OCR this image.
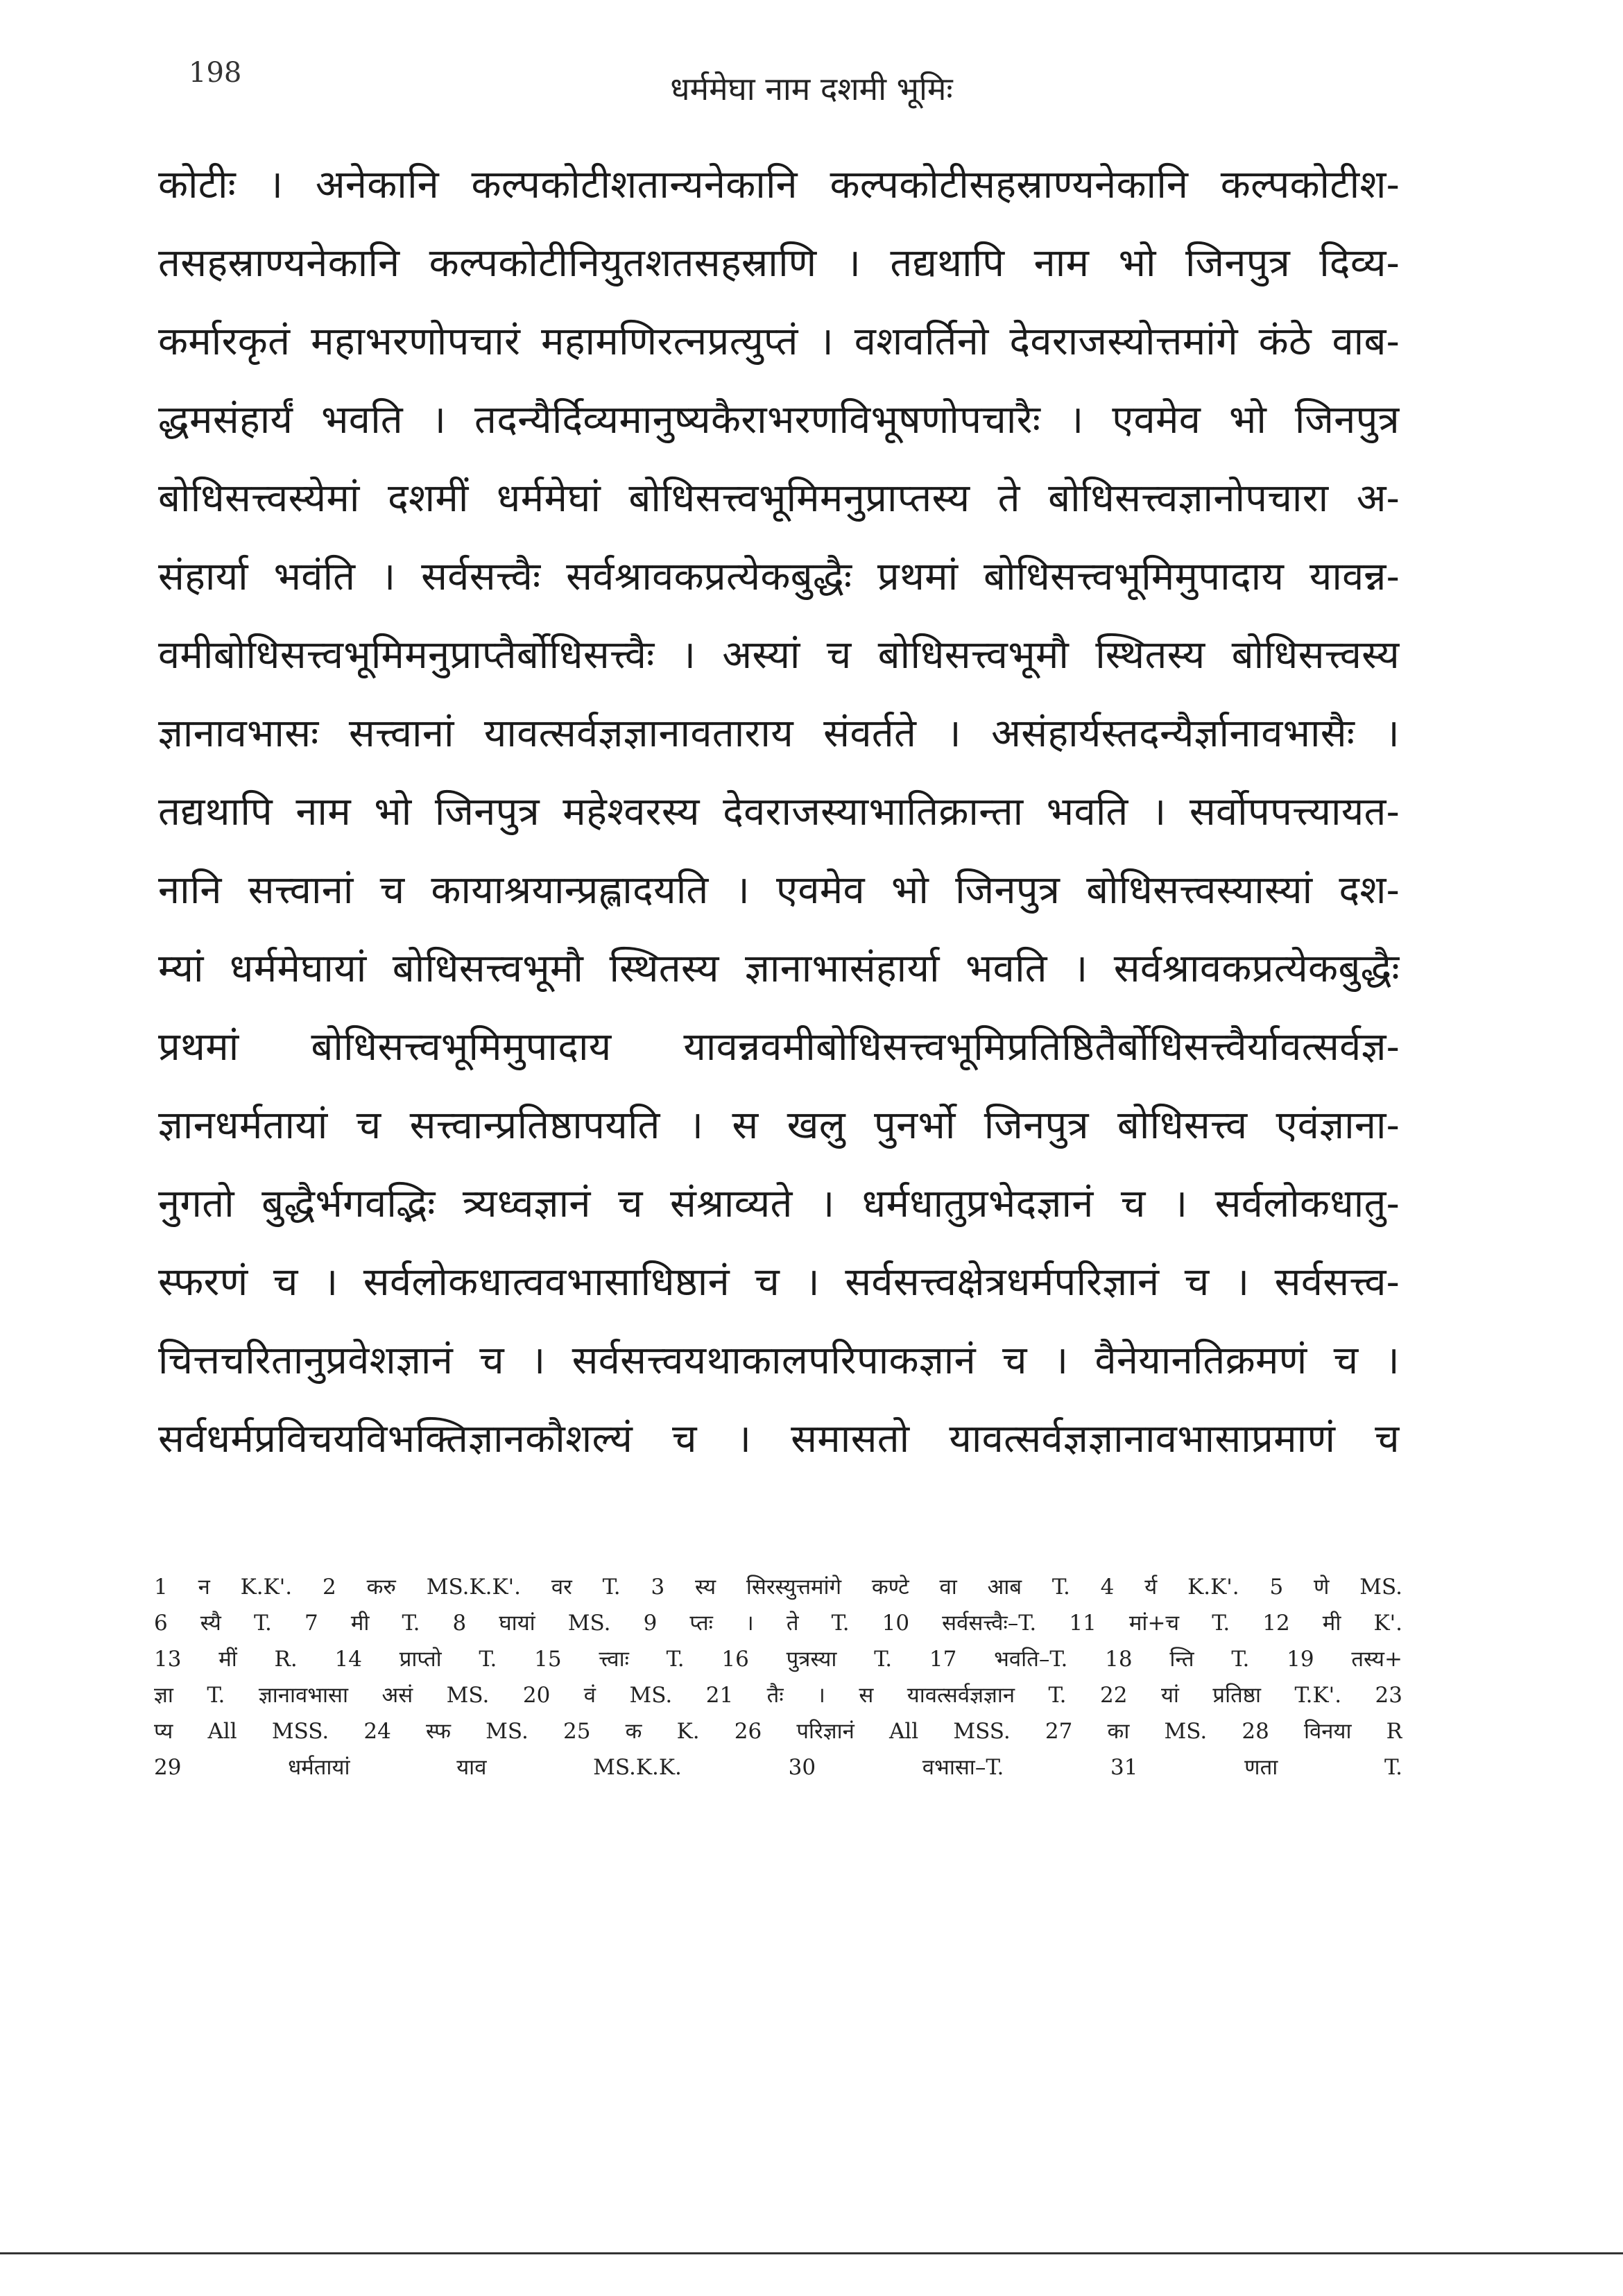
198	धर्ममेघा नाम दशमी भूमिः
कोटीः । अनेकानि कल्पकोटीशतान्यनेकानि कल्पकोटीसहस्राण्यनेकानि कल्पकोटीश-
तसहस्राण्यनेकानि कल्पकोटीनियुतशतसहस्राणि । तद्यथापि नाम भो जिनपुत्र दिव्य-
कर्मारकृतं महाभरणोपचारं महामणिरत्नप्रत्युप्तं । वशवर्तिनो देवराजस्योत्तमांगे कंठे वाब-
द्धमसंहार्यं भवति । तदन्यैर्दिव्यमानुष्यकैराभरणविभूषणोपचारैः । एवमेव भो जिनपुत्र
बोधिसत्त्वस्येमां दशमीं धर्ममेघां बोधिसत्त्वभूमिमनुप्राप्तस्य ते बोधिसत्त्वज्ञानोपचारा अ-
संहार्या भवंति । सर्वसत्त्वैः सर्वश्रावकप्रत्येकबुद्धैः प्रथमां बोधिसत्त्वभूमिमुपादाय यावन्न-
वमीबोधिसत्त्वभूमिमनुप्राप्तैर्बोधिसत्त्वैः । अस्यां च बोधिसत्त्वभूमौ स्थितस्य बोधिसत्त्वस्य
ज्ञानावभासः सत्त्वानां यावत्सर्वज्ञज्ञानावताराय संवर्तते । असंहार्यस्तदन्यैर्ज्ञानावभासैः ।
तद्यथापि नाम भो जिनपुत्र महेश्वरस्य देवराजस्याभातिक्रान्ता भवति । सर्वोपपत्त्यायत-
नानि सत्त्वानां च कायाश्रयान्प्रह्लादयति । एवमेव भो जिनपुत्र बोधिसत्त्वस्यास्यां दश-
म्यां धर्ममेघायां बोधिसत्त्वभूमौ स्थितस्य ज्ञानाभासंहार्या भवति । सर्वश्रावकप्रत्येकबुद्धैः
प्रथमां बोधिसत्त्वभूमिमुपादाय यावन्नवमीबोधिसत्त्वभूमिप्रतिष्ठितैर्बोधिसत्त्वैर्यावत्सर्वज्ञ-
ज्ञानधर्मतायां च सत्त्वान्प्रतिष्ठापयति । स खलु पुनर्भो जिनपुत्र बोधिसत्त्व एवंज्ञाना-
नुगतो बुद्धैर्भगवद्भिः त्र्यध्वज्ञानं च संश्राव्यते । धर्मधातुप्रभेदज्ञानं च । सर्वलोकधातु-
स्फरणं च । सर्वलोकधात्ववभासाधिष्ठानं च । सर्वसत्त्वक्षेत्रधर्मपरिज्ञानं च । सर्वसत्त्व-
चित्तचरितानुप्रवेशज्ञानं च । सर्वसत्त्वयथाकालपरिपाकज्ञानं च । वैनेयानतिक्रमणं च ।
सर्वधर्मप्रविचयविभक्तिज्ञानकौशल्यं च । समासतो यावत्सर्वज्ञज्ञानावभासाप्रमाणं च
1 न K.K'. 2 करु MS.K.K'. वर T. 3 स्य सिरस्युत्तमांगे कण्टे वा आब T. 4 र्य K.K'. 5 णे MS.
6 स्यै T. 7 मी T. 8 घायां MS. 9 प्तः । ते T. 10 सर्वसत्त्वैः–T. 11 मां+च T. 12 मी K'.
13 मीं R. 14 प्राप्तो T. 15 त्त्वाः T. 16 पुत्रस्या T. 17 भवति–T. 18 न्ति T. 19 तस्य+
ज्ञा T. ज्ञानावभासा असं MS. 20 वं MS. 21 तैः । स यावत्सर्वज्ञज्ञान T. 22 यां प्रतिष्ठा T.K'. 23
प्य All MSS. 24 स्फ MS. 25 क K. 26 परिज्ञानं All MSS. 27 का MS. 28 विनया R
29 धर्मतायां याव MS.K.K. 30 वभासा–T. 31 णता T.
